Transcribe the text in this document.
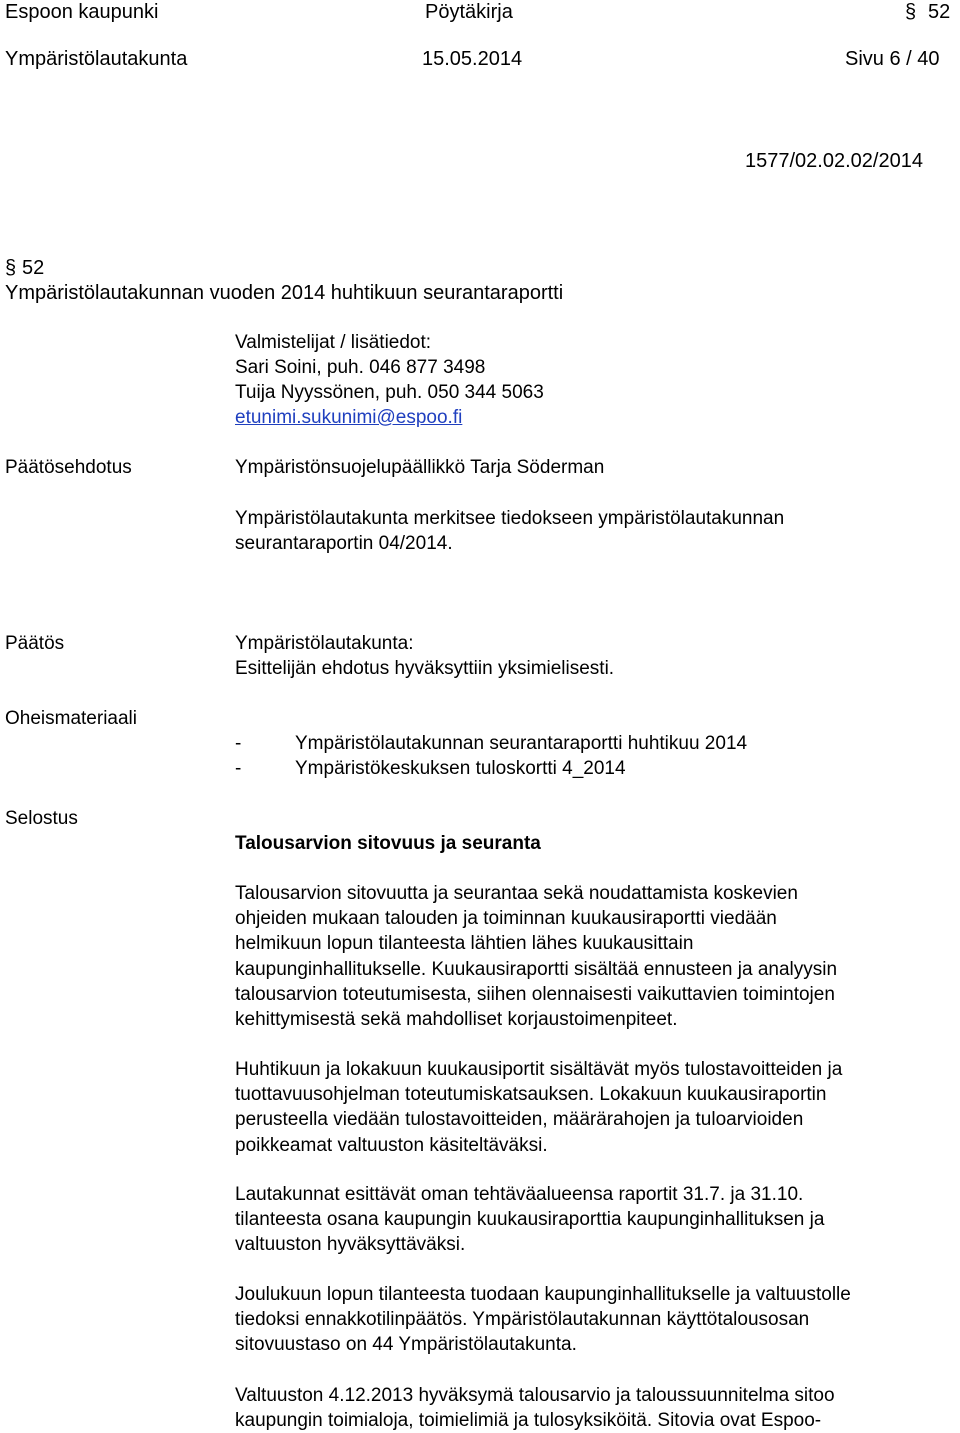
Espoon kaupunki	Pöytäkirja	§ 52
Ympäristölautakunta	15.05.2014	Sivu 6 / 40
1577/02.02.02/2014
§ 52
Ympäristölautakunnan vuoden 2014 huhtikuun seurantaraportti
Valmistelijat / lisätiedot:
Sari Soini, puh. 046 877 3498
Tuija Nyyssönen, puh. 050 344 5063
etunimi.sukunimi@espoo.fi
Päätösehdotus	Ympäristönsuojelupäällikkö Tarja Söderman
Ympäristölautakunta merkitsee tiedokseen ympäristölautakunnan
seurantaraportin 04/2014.
Päätös	Ympäristölautakunta:
Esittelijän ehdotus hyväksyttiin yksimielisesti.
Oheismateriaali
-	Ympäristölautakunnan seurantaraportti huhtikuu 2014
-	Ympäristökeskuksen tuloskortti 4_2014
Selostus
Talousarvion sitovuus ja seuranta
Talousarvion sitovuutta ja seurantaa sekä noudattamista koskevien
ohjeiden mukaan talouden ja toiminnan kuukausiraportti viedään
helmikuun lopun tilanteesta lähtien lähes kuukausittain
kaupunginhallitukselle. Kuukausiraportti sisältää ennusteen ja analyysin
talousarvion toteutumisesta, siihen olennaisesti vaikuttavien toimintojen
kehittymisestä sekä mahdolliset korjaustoimenpiteet.
Huhtikuun ja lokakuun kuukausiportit sisältävät myös tulostavoitteiden ja
tuottavuusohjelman toteutumiskatsauksen. Lokakuun kuukausiraportin
perusteella viedään tulostavoitteiden, määrärahojen ja tuloarvioiden
poikkeamat valtuuston käsiteltäväksi.
Lautakunnat esittävät oman tehtäväalueensa raportit 31.7. ja 31.10.
tilanteesta osana kaupungin kuukausiraporttia kaupunginhallituksen ja
valtuuston hyväksyttäväksi.
Joulukuun lopun tilanteesta tuodaan kaupunginhallitukselle ja valtuustolle
tiedoksi ennakkotilinpäätös. Ympäristölautakunnan käyttötalousosan
sitovuustaso on 44 Ympäristölautakunta.
Valtuuston 4.12.2013 hyväksymä talousarvio ja taloussuunnitelma sitoo
kaupungin toimialoja, toimielimiä ja tulosyksiköitä. Sitovia ovat Espoo-
